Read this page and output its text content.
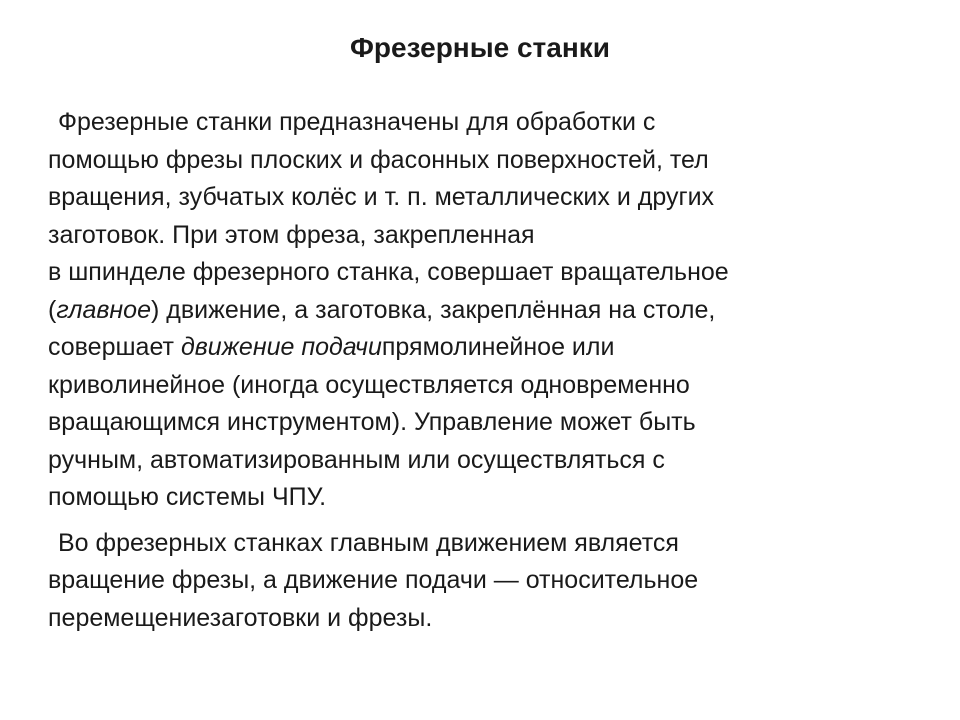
Фрезерные станки
Фрезерные станки предназначены для обработки с
помощью фрезы плоских и фасонных поверхностей, тел
вращения, зубчатых колёс и т. п. металлических и других
заготовок. При этом фреза, закрепленная
в шпинделе фрезерного станка, совершает вращательное
(главное) движение, а заготовка, закреплённая на столе,
совершает движение подачипрямолинейное или
криволинейное (иногда осуществляется одновременно
вращающимся инструментом). Управление может быть
ручным, автоматизированным или осуществляться с
помощью системы ЧПУ.
Во фрезерных станках главным движением является
вращение фрезы, а движение подачи — относительное
перемещениезаготовки и фрезы.
